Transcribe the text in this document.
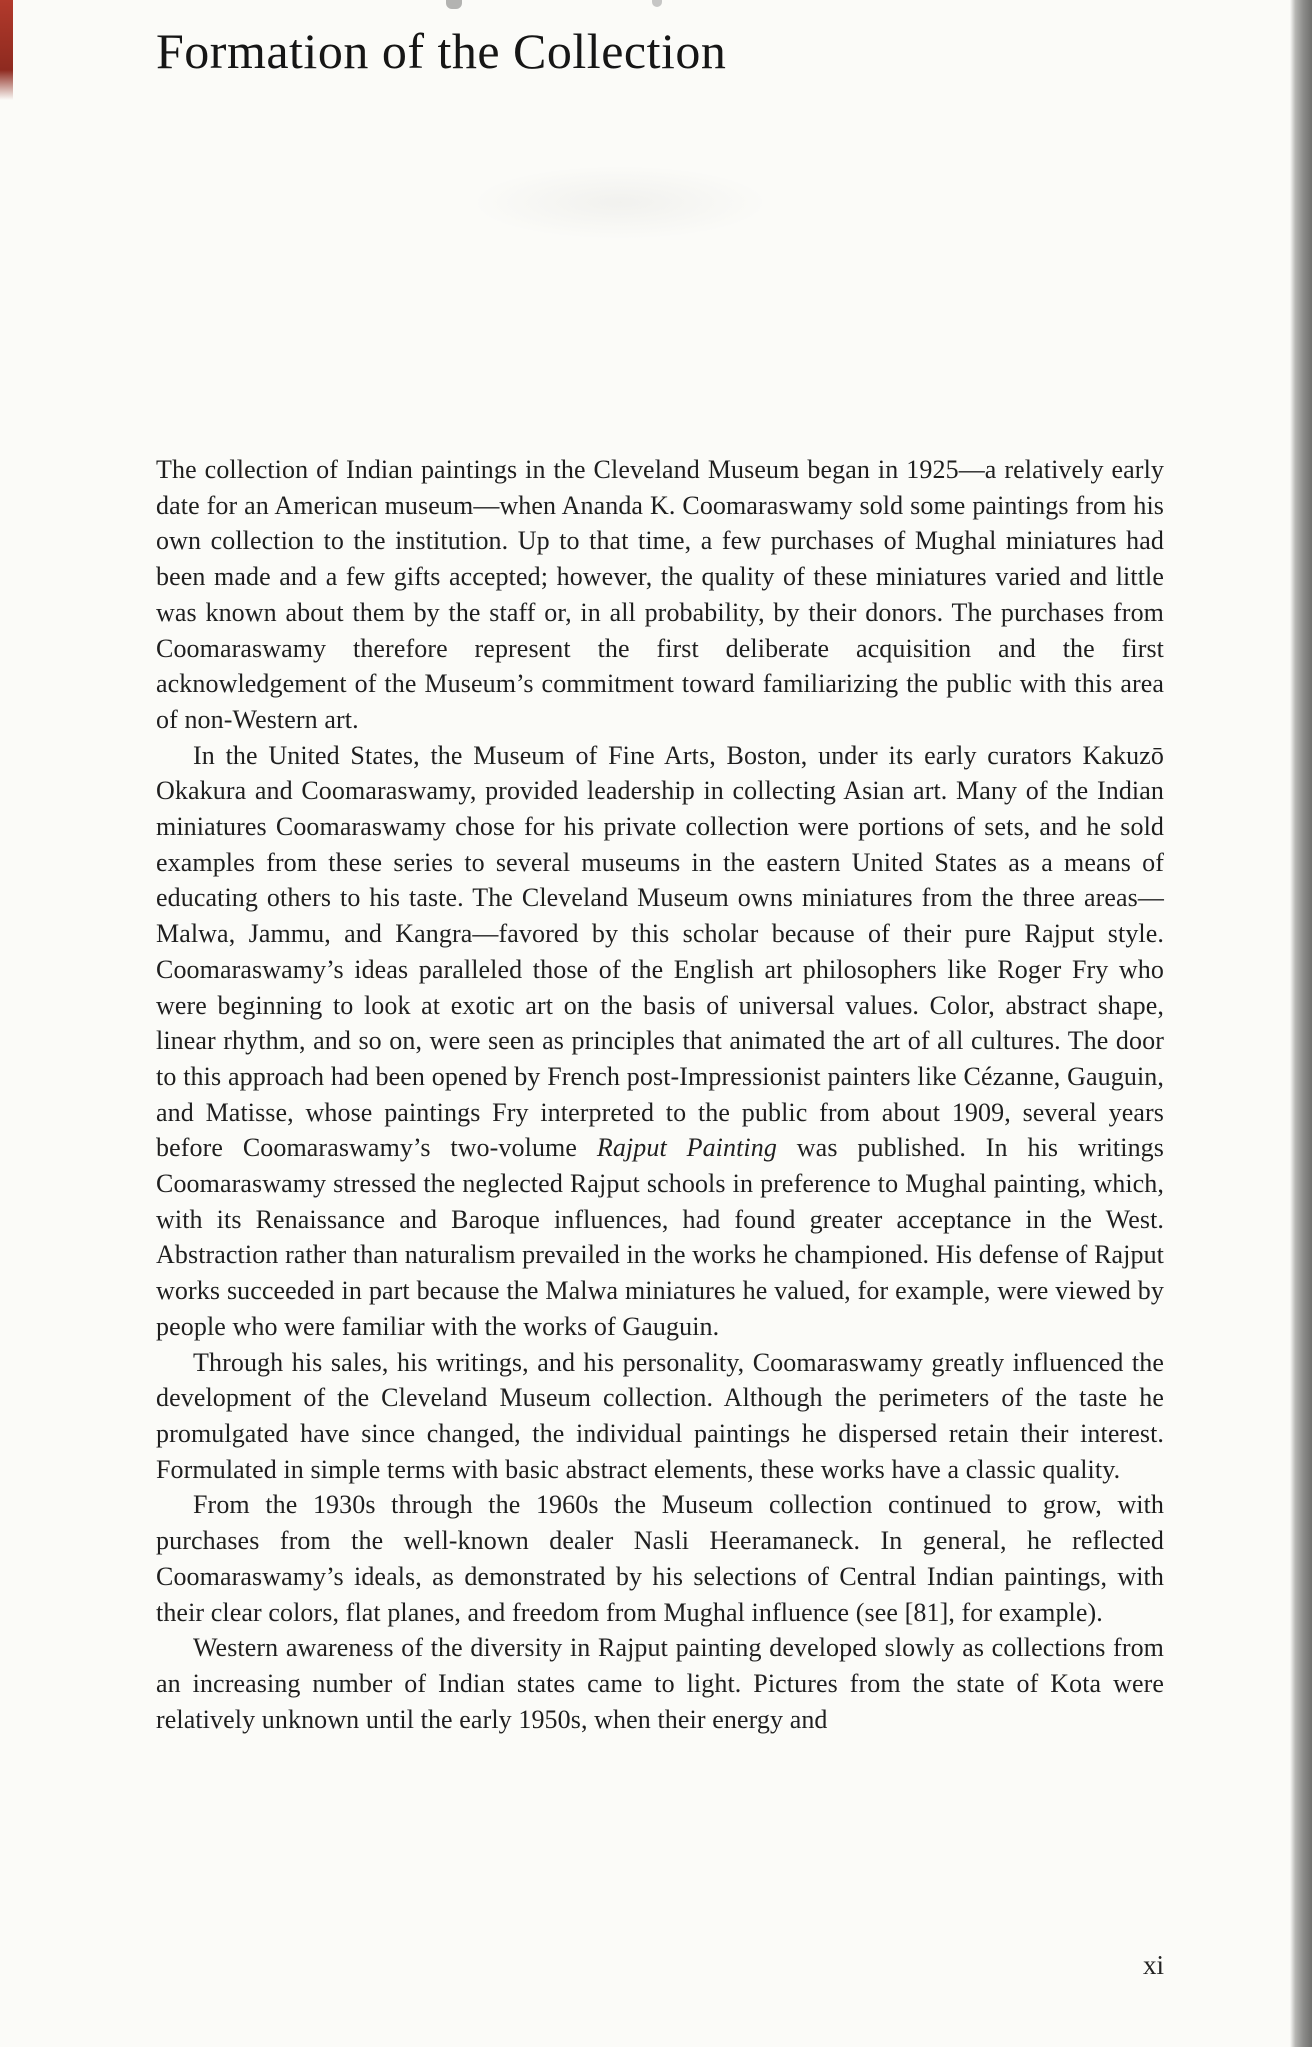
Formation of the Collection

The collection of Indian paintings in the Cleveland Museum began in 1925—a relatively early date for an American museum—when Ananda K. Coomaraswamy sold some paintings from his own collection to the institution. Up to that time, a few purchases of Mughal miniatures had been made and a few gifts accepted; however, the quality of these miniatures varied and little was known about them by the staff or, in all probability, by their donors. The purchases from Coomaraswamy therefore represent the first deliberate acquisition and the first acknowledgement of the Museum’s commitment toward familiarizing the public with this area of non-Western art.

In the United States, the Museum of Fine Arts, Boston, under its early curators Kakuzō Okakura and Coomaraswamy, provided leadership in collecting Asian art. Many of the Indian miniatures Coomaraswamy chose for his private collection were portions of sets, and he sold examples from these series to several museums in the eastern United States as a means of educating others to his taste. The Cleveland Museum owns miniatures from the three areas—Malwa, Jammu, and Kangra—favored by this scholar because of their pure Rajput style. Coomaraswamy’s ideas paralleled those of the English art philosophers like Roger Fry who were beginning to look at exotic art on the basis of universal values. Color, abstract shape, linear rhythm, and so on, were seen as principles that animated the art of all cultures. The door to this approach had been opened by French post-Impressionist painters like Cézanne, Gauguin, and Matisse, whose paintings Fry interpreted to the public from about 1909, several years before Coomaraswamy’s two-volume Rajput Painting was published. In his writings Coomaraswamy stressed the neglected Rajput schools in preference to Mughal painting, which, with its Renaissance and Baroque influences, had found greater acceptance in the West. Abstraction rather than naturalism prevailed in the works he championed. His defense of Rajput works succeeded in part because the Malwa miniatures he valued, for example, were viewed by people who were familiar with the works of Gauguin.

Through his sales, his writings, and his personality, Coomaraswamy greatly influenced the development of the Cleveland Museum collection. Although the perimeters of the taste he promulgated have since changed, the individual paintings he dispersed retain their interest. Formulated in simple terms with basic abstract elements, these works have a classic quality.

From the 1930s through the 1960s the Museum collection continued to grow, with purchases from the well-known dealer Nasli Heeramaneck. In general, he reflected Coomaraswamy’s ideals, as demonstrated by his selections of Central Indian paintings, with their clear colors, flat planes, and freedom from Mughal influence (see [81], for example).

Western awareness of the diversity in Rajput painting developed slowly as collections from an increasing number of Indian states came to light. Pictures from the state of Kota were relatively unknown until the early 1950s, when their energy and

xi
